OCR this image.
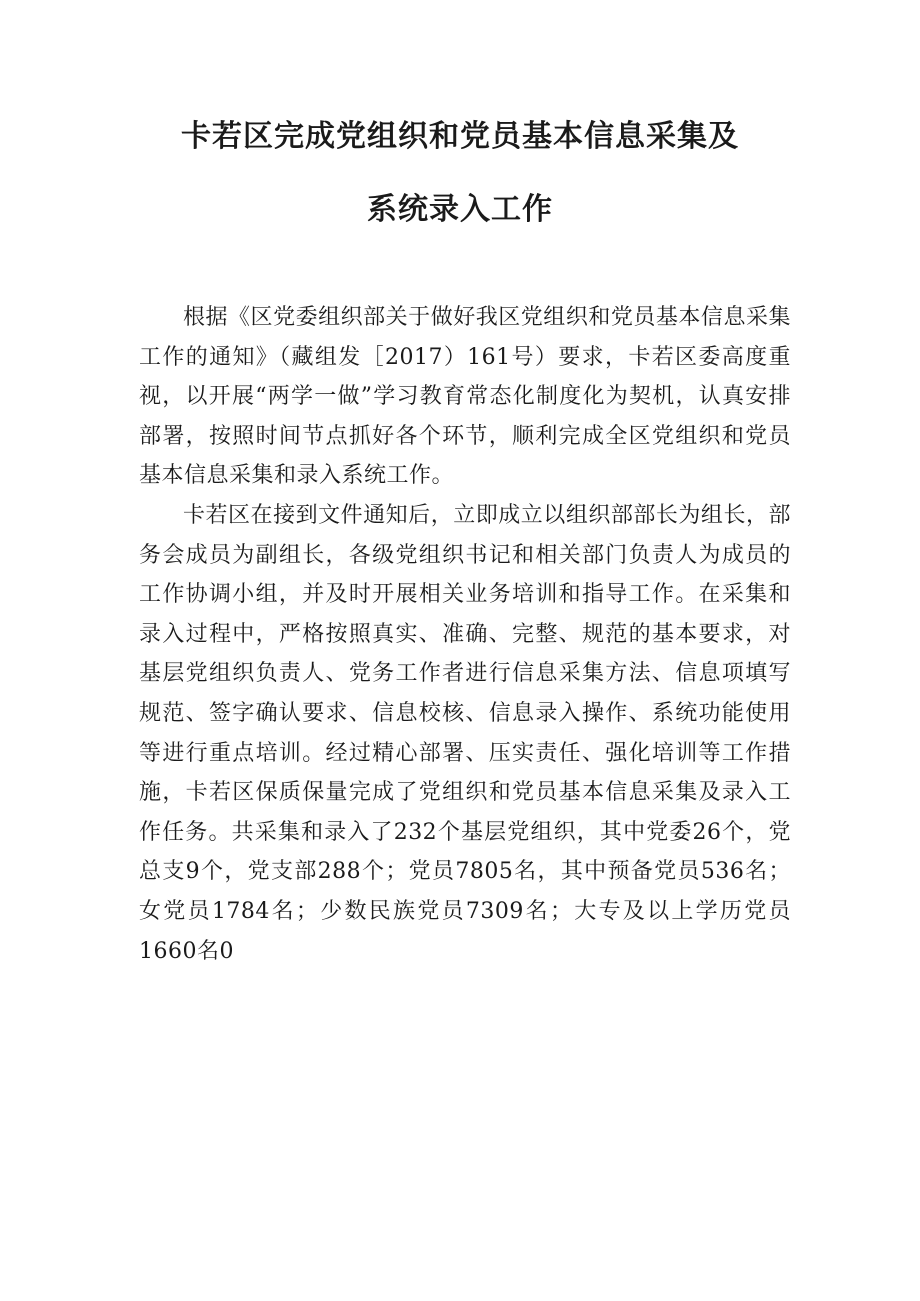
卡若区完成党组织和党员基本信息采集及
系统录入工作

根据《区党委组织部关于做好我区党组织和党员基本信息采集工作的通知》（藏组发［2017）161号）要求，卡若区委高度重视，以开展“两学一做”学习教育常态化制度化为契机，认真安排部署，按照时间节点抓好各个环节，顺利完成全区党组织和党员基本信息采集和录入系统工作。

卡若区在接到文件通知后，立即成立以组织部部长为组长，部务会成员为副组长，各级党组织书记和相关部门负责人为成员的工作协调小组，并及时开展相关业务培训和指导工作。在采集和录入过程中，严格按照真实、准确、完整、规范的基本要求，对基层党组织负责人、党务工作者进行信息采集方法、信息项填写规范、签字确认要求、信息校核、信息录入操作、系统功能使用等进行重点培训。经过精心部署、压实责任、强化培训等工作措施，卡若区保质保量完成了党组织和党员基本信息采集及录入工作任务。共采集和录入了232个基层党组织，其中党委26个，党总支9个，党支部288个；党员7805名，其中预备党员536名；女党员1784名；少数民族党员7309名；大专及以上学历党员1660名0
